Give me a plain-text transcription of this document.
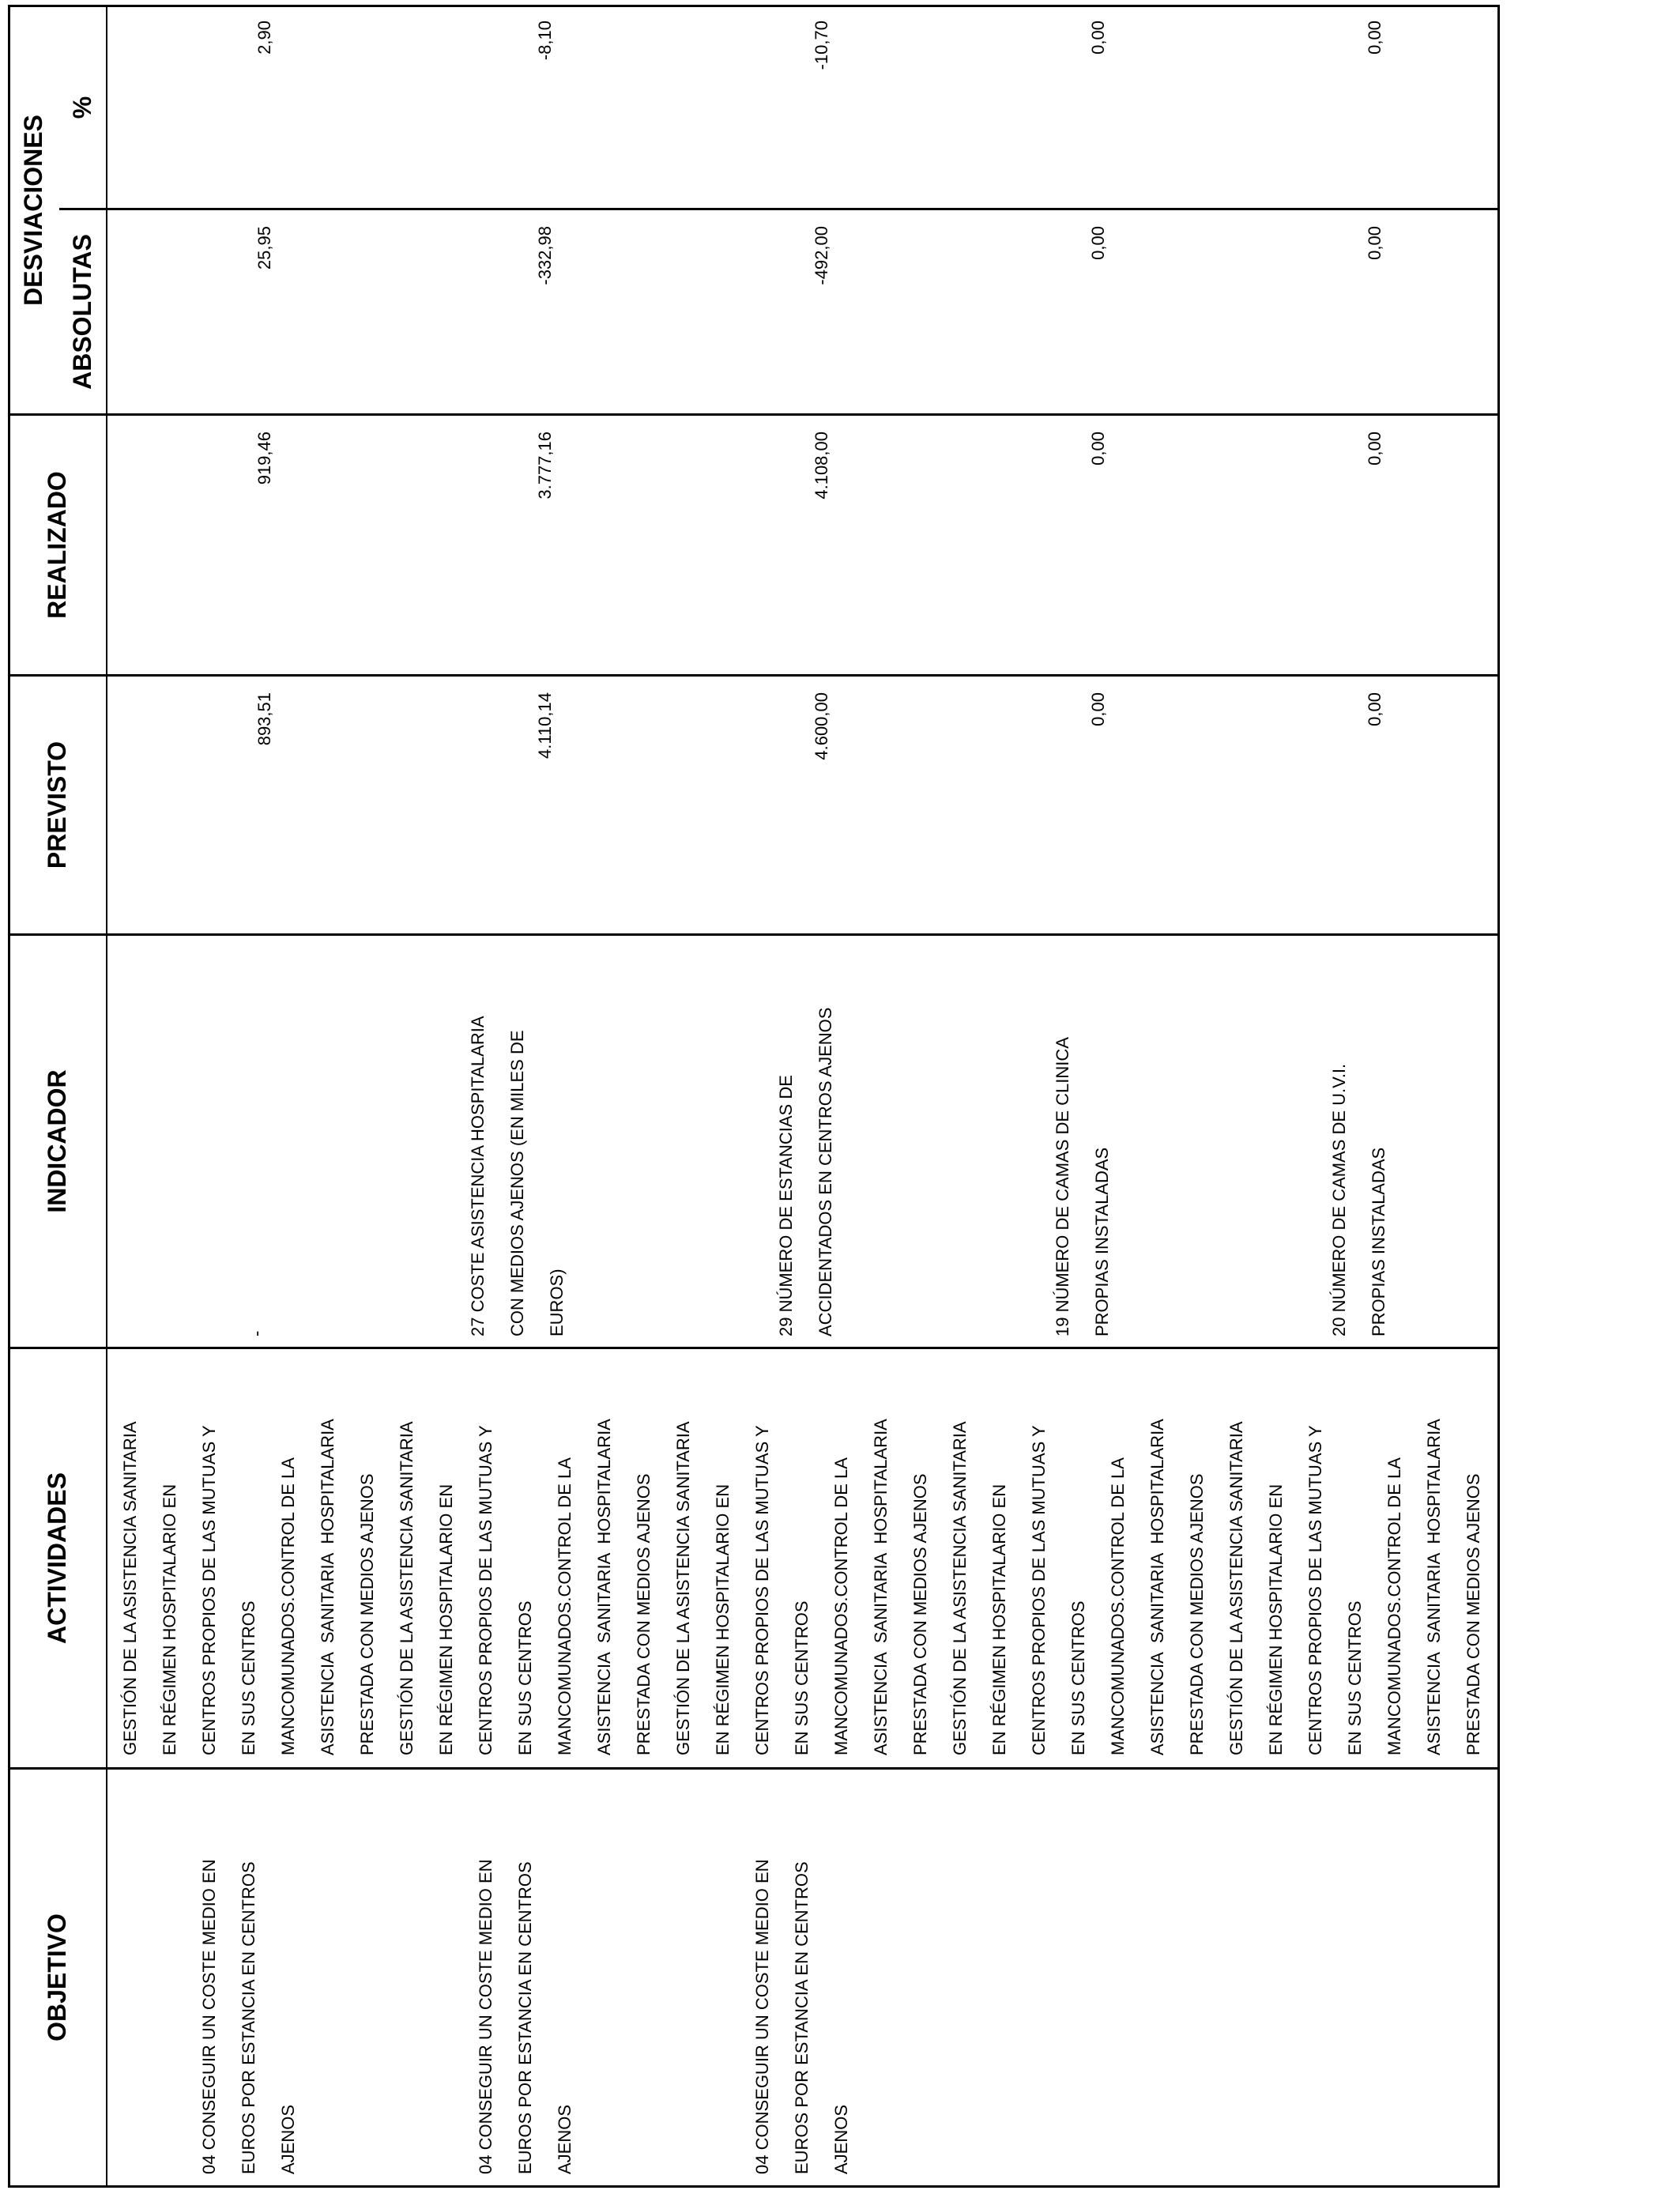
OBJETIVO
ACTIVIDADES
INDICADOR
PREVISTO
REALIZADO
DESVIACIONES
ABSOLUTAS
%
GESTIÓN DE LA ASISTENCIA SANITARIA
EN RÉGIMEN HOSPITALARIO EN
CENTROS PROPIOS DE LAS MUTUAS Y
EN SUS CENTROS
MANCOMUNADOS.CONTROL DE LA
ASISTENCIA  SANITARIA  HOSPITALARIA
PRESTADA CON MEDIOS AJENOS
GESTIÓN DE LA ASISTENCIA SANITARIA
EN RÉGIMEN HOSPITALARIO EN
CENTROS PROPIOS DE LAS MUTUAS Y
EN SUS CENTROS
MANCOMUNADOS.CONTROL DE LA
ASISTENCIA  SANITARIA  HOSPITALARIA
PRESTADA CON MEDIOS AJENOS
GESTIÓN DE LA ASISTENCIA SANITARIA
EN RÉGIMEN HOSPITALARIO EN
CENTROS PROPIOS DE LAS MUTUAS Y
EN SUS CENTROS
MANCOMUNADOS.CONTROL DE LA
ASISTENCIA  SANITARIA  HOSPITALARIA
PRESTADA CON MEDIOS AJENOS
GESTIÓN DE LA ASISTENCIA SANITARIA
EN RÉGIMEN HOSPITALARIO EN
CENTROS PROPIOS DE LAS MUTUAS Y
EN SUS CENTROS
MANCOMUNADOS.CONTROL DE LA
ASISTENCIA  SANITARIA  HOSPITALARIA
PRESTADA CON MEDIOS AJENOS
GESTIÓN DE LA ASISTENCIA SANITARIA
EN RÉGIMEN HOSPITALARIO EN
CENTROS PROPIOS DE LAS MUTUAS Y
EN SUS CENTROS
MANCOMUNADOS.CONTROL DE LA
ASISTENCIA  SANITARIA  HOSPITALARIA
PRESTADA CON MEDIOS AJENOS
04 CONSEGUIR UN COSTE MEDIO EN
EUROS POR ESTANCIA EN CENTROS
AJENOS
-
893,51
919,46
25,95
2,90
04 CONSEGUIR UN COSTE MEDIO EN
EUROS POR ESTANCIA EN CENTROS
AJENOS
27 COSTE ASISTENCIA HOSPITALARIA
CON MEDIOS AJENOS (EN MILES DE
EUROS)
4.110,14
3.777,16
-332,98
-8,10
04 CONSEGUIR UN COSTE MEDIO EN
EUROS POR ESTANCIA EN CENTROS
AJENOS
29 NÚMERO DE ESTANCIAS DE
ACCIDENTADOS EN CENTROS AJENOS
4.600,00
4.108,00
-492,00
-10,70
19 NÚMERO DE CAMAS DE CLINICA
PROPIAS INSTALADAS
0,00
0,00
0,00
0,00
20 NÚMERO DE CAMAS DE U.V.I.
PROPIAS INSTALADAS
0,00
0,00
0,00
0,00
